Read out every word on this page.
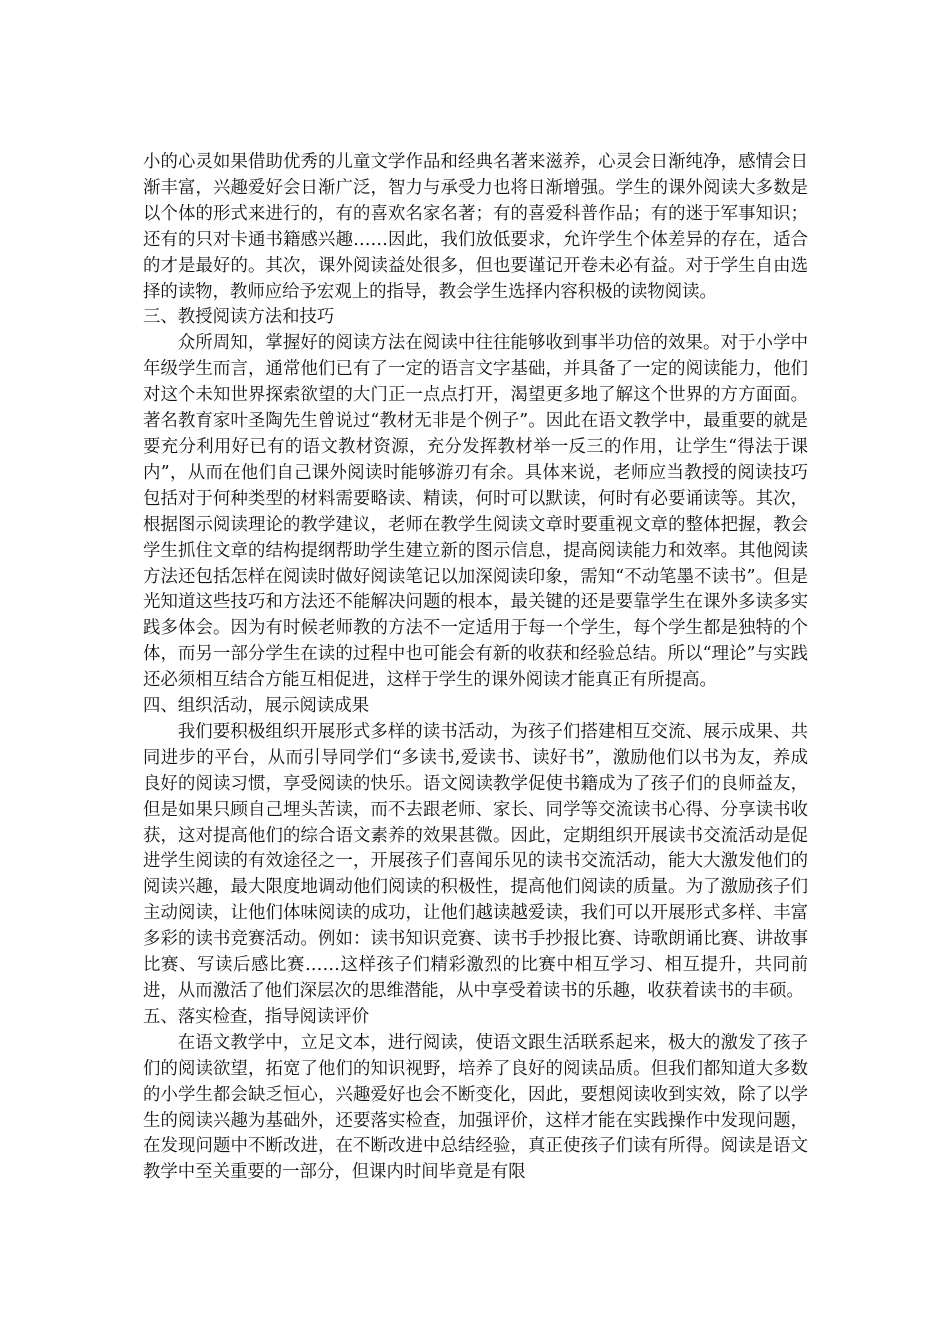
小的心灵如果借助优秀的儿童文学作品和经典名著来滋养，心灵会日渐纯净，感情会日渐丰富，兴趣爱好会日渐广泛，智力与承受力也将日渐增强。学生的课外阅读大多数是以个体的形式来进行的，有的喜欢名家名著；有的喜爱科普作品；有的迷于军事知识；还有的只对卡通书籍感兴趣……因此，我们放低要求，允许学生个体差异的存在，适合的才是最好的。其次，课外阅读益处很多，但也要谨记开卷未必有益。对于学生自由选择的读物，教师应给予宏观上的指导，教会学生选择内容积极的读物阅读。

三、教授阅读方法和技巧

众所周知，掌握好的阅读方法在阅读中往往能够收到事半功倍的效果。对于小学中年级学生而言，通常他们已有了一定的语言文字基础，并具备了一定的阅读能力，他们对这个未知世界探索欲望的大门正一点点打开，渴望更多地了解这个世界的方方面面。著名教育家叶圣陶先生曾说过“教材无非是个例子”。因此在语文教学中，最重要的就是要充分利用好已有的语文教材资源，充分发挥教材举一反三的作用，让学生“得法于课内”，从而在他们自己课外阅读时能够游刃有余。具体来说，老师应当教授的阅读技巧包括对于何种类型的材料需要略读、精读，何时可以默读，何时有必要诵读等。其次，根据图示阅读理论的教学建议，老师在教学生阅读文章时要重视文章的整体把握，教会学生抓住文章的结构提纲帮助学生建立新的图示信息，提高阅读能力和效率。其他阅读方法还包括怎样在阅读时做好阅读笔记以加深阅读印象，需知“不动笔墨不读书”。但是光知道这些技巧和方法还不能解决问题的根本，最关键的还是要靠学生在课外多读多实践多体会。因为有时候老师教的方法不一定适用于每一个学生，每个学生都是独特的个体，而另一部分学生在读的过程中也可能会有新的收获和经验总结。所以“理论”与实践还必须相互结合方能互相促进，这样于学生的课外阅读才能真正有所提高。

四、组织活动，展示阅读成果

我们要积极组织开展形式多样的读书活动，为孩子们搭建相互交流、展示成果、共同进步的平台，从而引导同学们“多读书,爱读书、读好书”，激励他们以书为友，养成良好的阅读习惯，享受阅读的快乐。语文阅读教学促使书籍成为了孩子们的良师益友，但是如果只顾自己埋头苦读，而不去跟老师、家长、同学等交流读书心得、分享读书收获，这对提高他们的综合语文素养的效果甚微。因此，定期组织开展读书交流活动是促进学生阅读的有效途径之一，开展孩子们喜闻乐见的读书交流活动，能大大激发他们的阅读兴趣，最大限度地调动他们阅读的积极性，提高他们阅读的质量。为了激励孩子们主动阅读，让他们体味阅读的成功，让他们越读越爱读，我们可以开展形式多样、丰富多彩的读书竞赛活动。例如：读书知识竞赛、读书手抄报比赛、诗歌朗诵比赛、讲故事比赛、写读后感比赛……这样孩子们精彩激烈的比赛中相互学习、相互提升，共同前进，从而激活了他们深层次的思维潜能，从中享受着读书的乐趣，收获着读书的丰硕。

五、落实检查，指导阅读评价

在语文教学中，立足文本，进行阅读，使语文跟生活联系起来，极大的激发了孩子们的阅读欲望，拓宽了他们的知识视野，培养了良好的阅读品质。但我们都知道大多数的小学生都会缺乏恒心，兴趣爱好也会不断变化，因此，要想阅读收到实效，除了以学生的阅读兴趣为基础外，还要落实检查，加强评价，这样才能在实践操作中发现问题，在发现问题中不断改进，在不断改进中总结经验，真正使孩子们读有所得。阅读是语文教学中至关重要的一部分，但课内时间毕竟是有限
